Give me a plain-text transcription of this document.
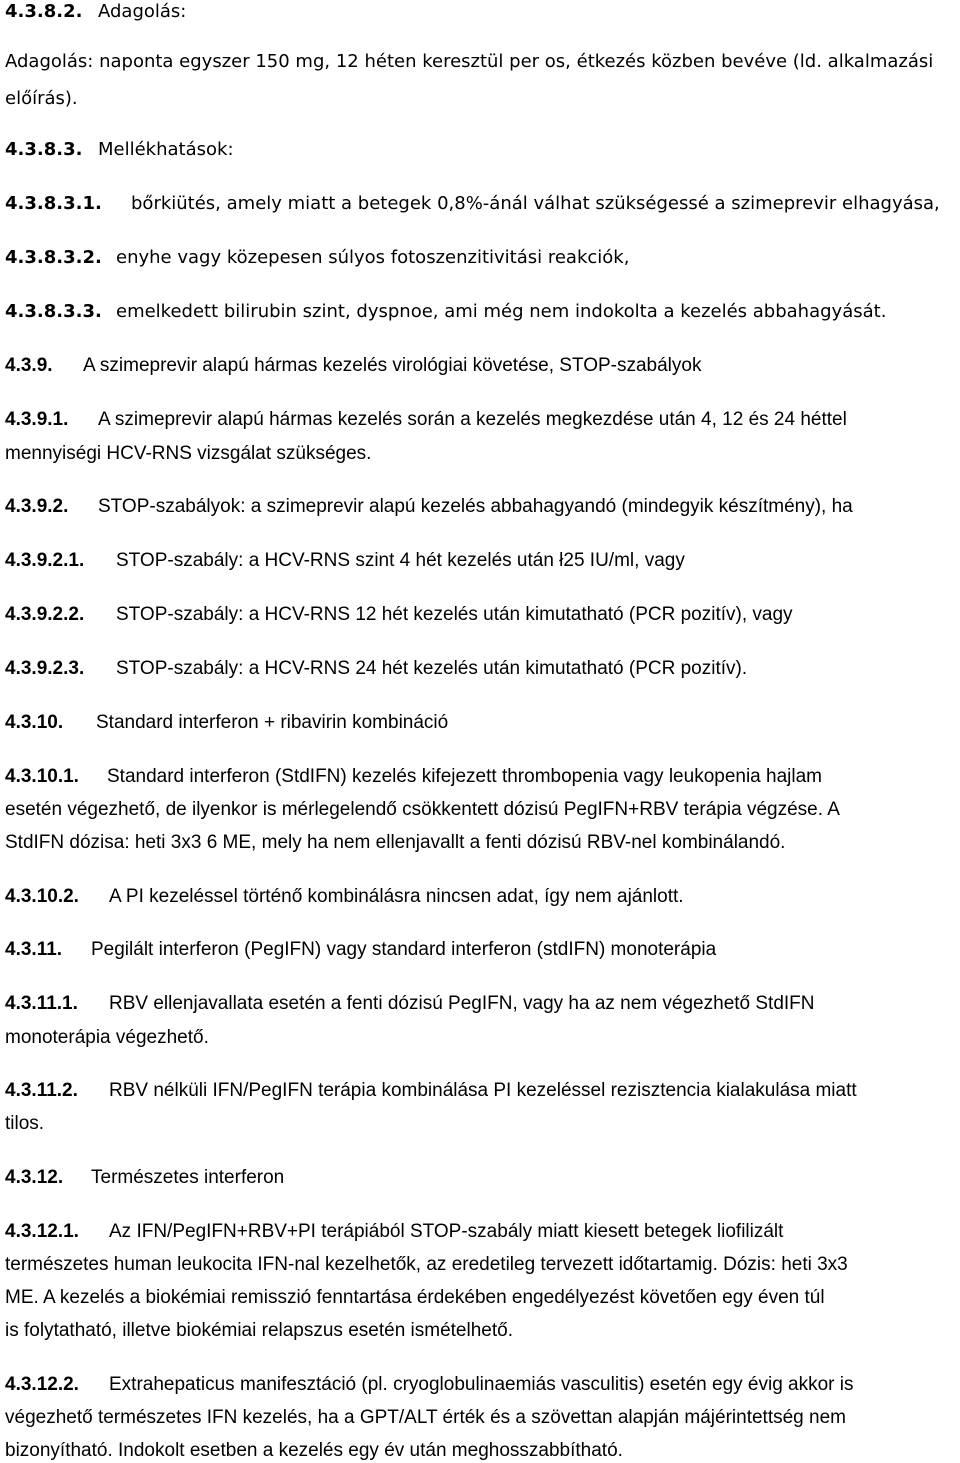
4.3.8.2. Adagolás:
Adagolás: naponta egyszer 150 mg, 12 héten keresztül per os, étkezés közben bevéve (ld. alkalmazási
előírás).
4.3.8.3. Mellékhatások:
4.3.8.3.1. bőrkiütés, amely miatt a betegek 0,8%-ánál válhat szükségessé a szimeprevir elhagyása,
4.3.8.3.2. enyhe vagy közepesen súlyos fotoszenzitivitási reakciók,
4.3.8.3.3. emelkedett bilirubin szint, dyspnoe, ami még nem indokolta a kezelés abbahagyását.
4.3.9. A szimeprevir alapú hármas kezelés virológiai követése, STOP-szabályok
4.3.9.1. A szimeprevir alapú hármas kezelés során a kezelés megkezdése után 4, 12 és 24 héttel
mennyiségi HCV-RNS vizsgálat szükséges.
4.3.9.2. STOP-szabályok: a szimeprevir alapú kezelés abbahagyandó (mindegyik készítmény), ha
4.3.9.2.1. STOP-szabály: a HCV-RNS szint 4 hét kezelés után ł25 IU/ml, vagy
4.3.9.2.2. STOP-szabály: a HCV-RNS 12 hét kezelés után kimutatható (PCR pozitív), vagy
4.3.9.2.3. STOP-szabály: a HCV-RNS 24 hét kezelés után kimutatható (PCR pozitív).
4.3.10. Standard interferon + ribavirin kombináció
4.3.10.1. Standard interferon (StdIFN) kezelés kifejezett thrombopenia vagy leukopenia hajlam
esetén végezhető, de ilyenkor is mérlegelendő csökkentett dózisú PegIFN+RBV terápia végzése. A
StdIFN dózisa: heti 3x3 6 ME, mely ha nem ellenjavallt a fenti dózisú RBV-nel kombinálandó.
4.3.10.2. A PI kezeléssel történő kombinálásra nincsen adat, így nem ajánlott.
4.3.11. Pegilált interferon (PegIFN) vagy standard interferon (stdIFN) monoterápia
4.3.11.1. RBV ellenjavallata esetén a fenti dózisú PegIFN, vagy ha az nem végezhető StdIFN
monoterápia végezhető.
4.3.11.2. RBV nélküli IFN/PegIFN terápia kombinálása PI kezeléssel rezisztencia kialakulása miatt
tilos.
4.3.12. Természetes interferon
4.3.12.1. Az IFN/PegIFN+RBV+PI terápiából STOP-szabály miatt kiesett betegek liofilizált
természetes human leukocita IFN-nal kezelhetők, az eredetileg tervezett időtartamig. Dózis: heti 3x3
ME. A kezelés a biokémiai remisszió fenntartása érdekében engedélyezést követően egy éven túl
is folytatható, illetve biokémiai relapszus esetén ismételhető.
4.3.12.2. Extrahepaticus manifesztáció (pl. cryoglobulinaemiás vasculitis) esetén egy évig akkor is
végezhető természetes IFN kezelés, ha a GPT/ALT érték és a szövettan alapján májérintettség nem
bizonyítható. Indokolt esetben a kezelés egy év után meghosszabbítható.
